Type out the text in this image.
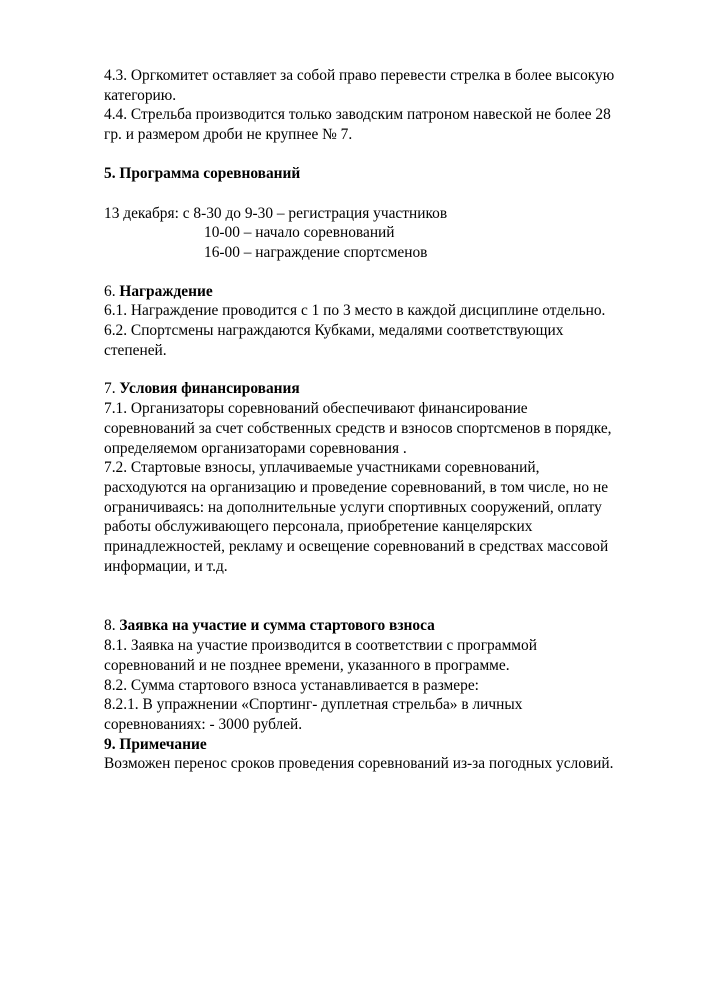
4.3. Оргкомитет оставляет за собой право перевести стрелка в более высокую
категорию.
4.4. Стрельба производится только заводским патроном навеской не более 28
гр. и размером дроби не крупнее № 7.
5. Программа соревнований
13 декабря: с 8-30 до 9-30 – регистрация участников
10-00 – начало соревнований
16-00 – награждение спортсменов
6. Награждение
6.1. Награждение проводится с 1 по 3 место в каждой дисциплине отдельно.
6.2. Спортсмены награждаются Кубками, медалями соответствующих
степеней.
7. Условия финансирования
7.1. Организаторы соревнований обеспечивают финансирование
соревнований за счет собственных средств и взносов спортсменов в порядке,
определяемом организаторами соревнования .
7.2. Стартовые взносы, уплачиваемые участниками соревнований,
расходуются на организацию и проведение соревнований, в том числе, но не
ограничиваясь: на дополнительные услуги спортивных сооружений, оплату
работы обслуживающего персонала, приобретение канцелярских
принадлежностей, рекламу и освещение соревнований в средствах массовой
информации, и т.д.
8. Заявка на участие и сумма стартового взноса
8.1. Заявка на участие производится в соответствии с программой
соревнований и не позднее времени, указанного в программе.
8.2. Сумма стартового взноса устанавливается в размере:
8.2.1. В упражнении «Спортинг- дуплетная стрельба» в личных
соревнованиях: - 3000 рублей.
9. Примечание
Возможен перенос сроков проведения соревнований из-за погодных условий.
